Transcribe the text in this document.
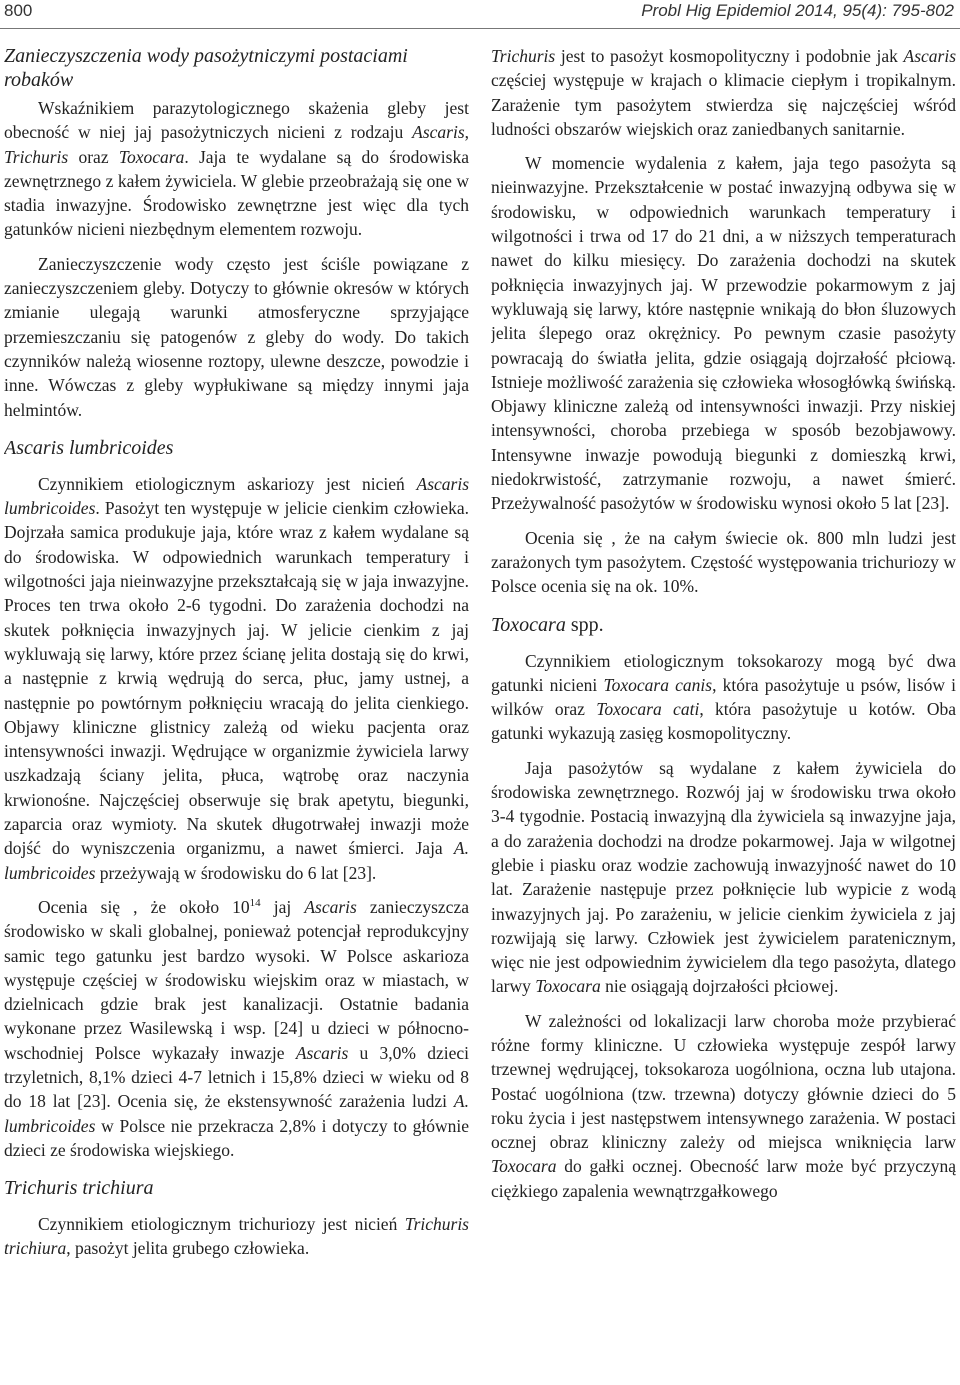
800	Probl Hig Epidemiol 2014, 95(4): 795-802
Zanieczyszczenia wody pasożytniczymi postaciami robaków

Wskaźnikiem parazytologicznego skażenia gleby jest obecność w niej jaj pasożytniczych nicieni z rodzaju Ascaris, Trichuris oraz Toxocara. Jaja te wydalane są do środowiska zewnętrznego z kałem żywiciela. W glebie przeobrażają się one w stadia inwazyjne. Środowisko zewnętrzne jest więc dla tych gatunków nicieni niezbędnym elementem rozwoju.

Zanieczyszczenie wody często jest ściśle powiązane z zanieczyszczeniem gleby. Dotyczy to głównie okresów w których zmianie ulegają warunki atmosferyczne sprzyjające przemieszczaniu się patogenów z gleby do wody. Do takich czynników należą wiosenne roztopy, ulewne deszcze, powodzie i inne. Wówczas z gleby wypłukiwane są między innymi jaja helmintów.

Ascaris lumbricoides

Czynnikiem etiologicznym askariozy jest nicień Ascaris lumbricoides. Pasożyt ten występuje w jelicie cienkim człowieka. Dojrzała samica produkuje jaja, które wraz z kałem wydalane są do środowiska. W odpowiednich warunkach temperatury i wilgotności jaja nieinwazyjne przekształcają się w jaja inwazyjne. Proces ten trwa około 2-6 tygodni. Do zarażenia dochodzi na skutek połknięcia inwazyjnych jaj. W jelicie cienkim z jaj wykluwają się larwy, które przez ścianę jelita dostają się do krwi, a następnie z krwią wędrują do serca, płuc, jamy ustnej, a następnie po powtórnym połknięciu wracają do jelita cienkiego. Objawy kliniczne glistnicy zależą od wieku pacjenta oraz intensywności inwazji. Wędrujące w organizmie żywiciela larwy uszkadzają ściany jelita, płuca, wątrobę oraz naczynia krwionośne. Najczęściej obserwuje się brak apetytu, biegunki, zaparcia oraz wymioty. Na skutek długotrwałej inwazji może dojść do wyniszczenia organizmu, a nawet śmierci. Jaja A. lumbricoides przeżywają w środowisku do 6 lat [23].

Ocenia się , że około $10^{14}$ jaj Ascaris zanieczyszcza środowisko w skali globalnej, ponieważ potencjał reprodukcyjny samic tego gatunku jest bardzo wysoki. W Polsce askarioza występuje częściej w środowisku wiejskim oraz w miastach, w dzielnicach gdzie brak jest kanalizacji. Ostatnie badania wykonane przez Wasilewską i wsp. [24] u dzieci w północno-wschodniej Polsce wykazały inwazje Ascaris u 3,0% dzieci trzyletnich, 8,1% dzieci 4-7 letnich i 15,8% dzieci w wieku od 8 do 18 lat [23]. Ocenia się, że ekstensywność zarażenia ludzi A. lumbricoides w Polsce nie przekracza 2,8% i dotyczy to głównie dzieci ze środowiska wiejskiego.

Trichuris trichiura

Czynnikiem etiologicznym trichuriozy jest nicień Trichuris trichiura, pasożyt jelita grubego człowieka.

Trichuris jest to pasożyt kosmopolityczny i podobnie jak Ascaris częściej występuje w krajach o klimacie ciepłym i tropikalnym. Zarażenie tym pasożytem stwierdza się najczęściej wśród ludności obszarów wiejskich oraz zaniedbanych sanitarnie.

W momencie wydalenia z kałem, jaja tego pasożyta są nieinwazyjne. Przekształcenie w postać inwazyjną odbywa się w środowisku, w odpowiednich warunkach temperatury i wilgotności i trwa od 17 do 21 dni, a w niższych temperaturach nawet do kilku miesięcy. Do zarażenia dochodzi na skutek połknięcia inwazyjnych jaj. W przewodzie pokarmowym z jaj wykluwają się larwy, które następnie wnikają do błon śluzowych jelita ślepego oraz okrężnicy. Po pewnym czasie pasożyty powracają do światła jelita, gdzie osiągają dojrzałość płciową. Istnieje możliwość zarażenia się człowieka włosogłówką świńską. Objawy kliniczne zależą od intensywności inwazji. Przy niskiej intensywności, choroba przebiega w sposób bezobjawowy. Intensywne inwazje powodują biegunki z domieszką krwi, niedokrwistość, zatrzymanie rozwoju, a nawet śmierć. Przeżywalność pasożytów w środowisku wynosi około 5 lat [23].

Ocenia się , że na całym świecie ok. 800 mln ludzi jest zarażonych tym pasożytem. Częstość występowania trichuriozy w Polsce ocenia się na ok. 10%.

Toxocara spp.

Czynnikiem etiologicznym toksokarozy mogą być dwa gatunki nicieni Toxocara canis, która pasożytuje u psów, lisów i wilków oraz Toxocara cati, która pasożytuje u kotów. Oba gatunki wykazują zasięg kosmopolityczny.

Jaja pasożytów są wydalane z kałem żywiciela do środowiska zewnętrznego. Rozwój jaj w środowisku trwa około 3-4 tygodnie. Postacią inwazyjną dla żywiciela są inwazyjne jaja, a do zarażenia dochodzi na drodze pokarmowej. Jaja w wilgotnej glebie i piasku oraz wodzie zachowują inwazyjność nawet do 10 lat. Zarażenie następuje przez połknięcie lub wypicie z wodą inwazyjnych jaj. Po zarażeniu, w jelicie cienkim żywiciela z jaj rozwijają się larwy. Człowiek jest żywicielem paratenicznym, więc nie jest odpowiednim żywicielem dla tego pasożyta, dlatego larwy Toxocara nie osiągają dojrzałości płciowej.

W zależności od lokalizacji larw choroba może przybierać różne formy kliniczne. U człowieka występuje zespół larwy trzewnej wędrującej, toksokaroza uogólniona, oczna lub utajona. Postać uogólniona (tzw. trzewna) dotyczy głównie dzieci do 5 roku życia i jest następstwem intensywnego zarażenia. W postaci ocznej obraz kliniczny zależy od miejsca wniknięcia larw Toxocara do gałki ocznej. Obecność larw może być przyczyną ciężkiego zapalenia wewnątrzgałkowego
